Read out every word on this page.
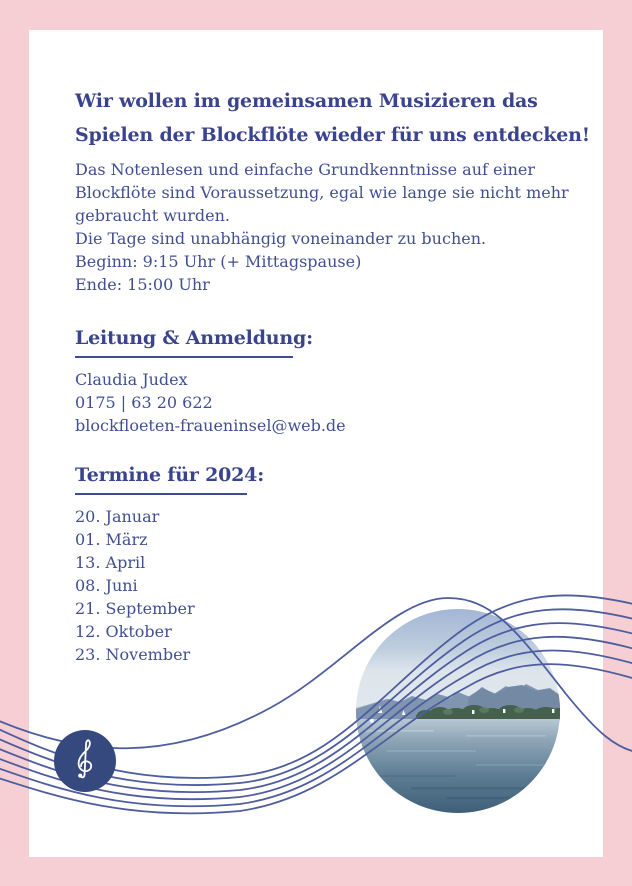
Wir wollen im gemeinsamen Musizieren das
Spielen der Blockflöte wieder für uns entdecken!
Das Notenlesen und einfache Grundkenntnisse auf einer
Blockflöte sind Voraussetzung, egal wie lange sie nicht mehr
gebraucht wurden.
Die Tage sind unabhängig voneinander zu buchen.
Beginn: 9:15 Uhr (+ Mittagspause)
Ende: 15:00 Uhr
Leitung & Anmeldung:
Claudia Judex
0175 | 63 20 622
blockfloeten-fraueninsel@web.de
Termine für 2024:
20. Januar
01. März
13. April
08. Juni
21. September
12. Oktober
23. November
